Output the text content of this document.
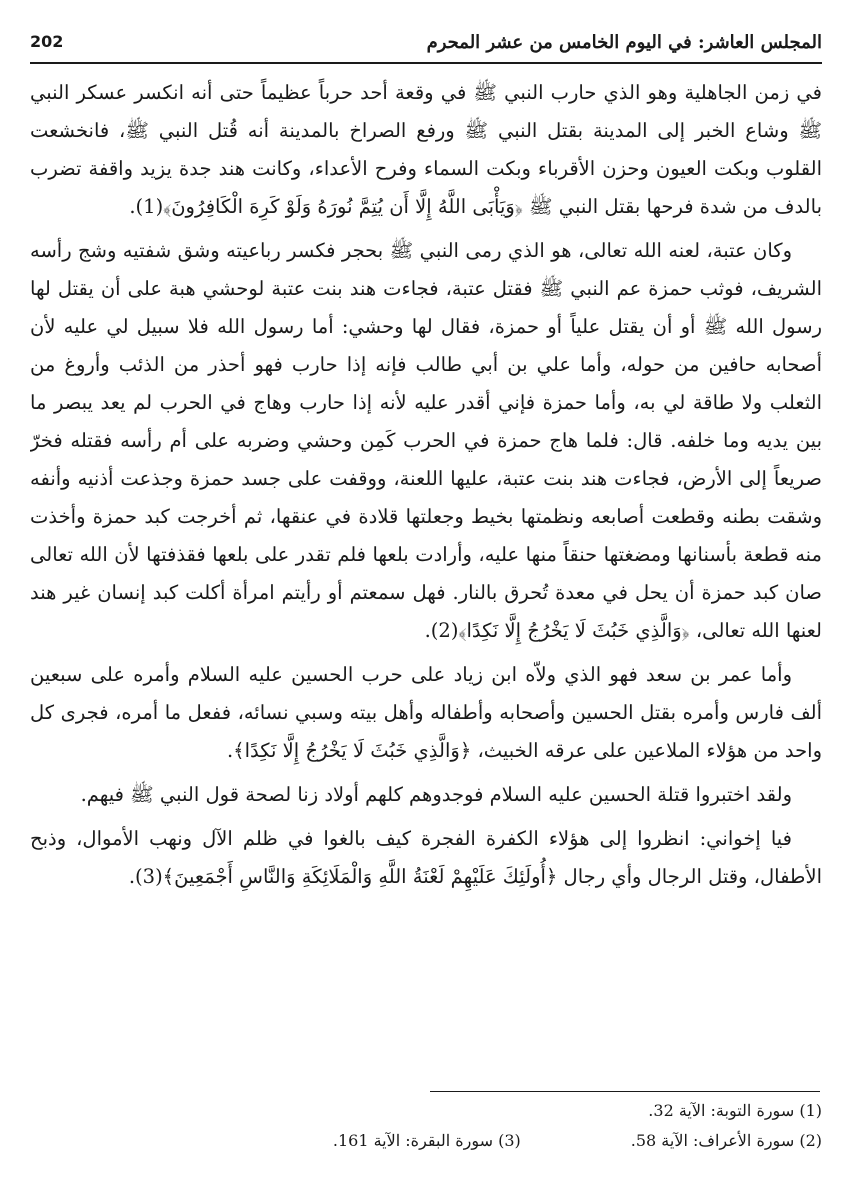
المجلس العاشر: في اليوم الخامس من عشر المحرم
202

في زمن الجاهلية وهو الذي حارب النبي ﷺ في وقعة أحد حرباً عظيماً حتى أنه انكسر عسكر النبي ﷺ وشاع الخبر إلى المدينة بقتل النبي ﷺ ورفع الصراخ بالمدينة أنه قُتل النبي ﷺ، فانخشعت القلوب وبكت العيون وحزن الأقرباء وبكت السماء وفرح الأعداء، وكانت هند جدة يزيد واقفة تضرب بالدف من شدة فرحها بقتل النبي ﷺ ﴿وَيَأْبَى اللَّهُ إِلَّا أَن يُتِمَّ نُورَهُ وَلَوْ كَرِهَ الْكَافِرُونَ﴾(1).

وكان عتبة، لعنه الله تعالى، هو الذي رمى النبي ﷺ بحجر فكسر رباعيته وشق شفتيه وشج رأسه الشريف، فوثب حمزة عم النبي ﷺ فقتل عتبة، فجاءت هند بنت عتبة لوحشي هبة على أن يقتل لها رسول الله ﷺ أو أن يقتل علياً أو حمزة، فقال لها وحشي: أما رسول الله فلا سبيل لي عليه لأن أصحابه حافين من حوله، وأما علي بن أبي طالب فإنه إذا حارب فهو أحذر من الذئب وأروغ من الثعلب ولا طاقة لي به، وأما حمزة فإني أقدر عليه لأنه إذا حارب وهاج في الحرب لم يعد يبصر ما بين يديه وما خلفه. قال: فلما هاج حمزة في الحرب كَمِن وحشي وضربه على أم رأسه فقتله فخرّ صريعاً إلى الأرض، فجاءت هند بنت عتبة، عليها اللعنة، ووقفت على جسد حمزة وجذعت أذنيه وأنفه وشقت بطنه وقطعت أصابعه ونظمتها بخيط وجعلتها قلادة في عنقها، ثم أخرجت كبد حمزة وأخذت منه قطعة بأسنانها ومضغتها حنقاً منها عليه، وأرادت بلعها فلم تقدر على بلعها فقذفتها لأن الله تعالى صان كبد حمزة أن يحل في معدة تُحرق بالنار. فهل سمعتم أو رأيتم امرأة أكلت كبد إنسان غير هند لعنها الله تعالى، ﴿وَالَّذِي خَبُثَ لَا يَخْرُجُ إِلَّا نَكِدًا﴾(2).

وأما عمر بن سعد فهو الذي ولاّه ابن زياد على حرب الحسين عليه السلام وأمره على سبعين ألف فارس وأمره بقتل الحسين وأصحابه وأطفاله وأهل بيته وسبي نسائه، ففعل ما أمره، فجرى كل واحد من هؤلاء الملاعين على عرقه الخبيث، ﴿وَالَّذِي خَبُثَ لَا يَخْرُجُ إِلَّا نَكِدًا﴾.

ولقد اختبروا قتلة الحسين عليه السلام فوجدوهم كلهم أولاد زنا لصحة قول النبي ﷺ فيهم.

فيا إخواني: انظروا إلى هؤلاء الكفرة الفجرة كيف بالغوا في ظلم الآل ونهب الأموال، وذبح الأطفال، وقتل الرجال وأي رجال ﴿أُولَئِكَ عَلَيْهِمْ لَعْنَةُ اللَّهِ وَالْمَلَائِكَةِ وَالنَّاسِ أَجْمَعِينَ﴾(3).

(1) سورة التوبة: الآية 32.
(2) سورة الأعراف: الآية 58.
(3) سورة البقرة: الآية 161.
